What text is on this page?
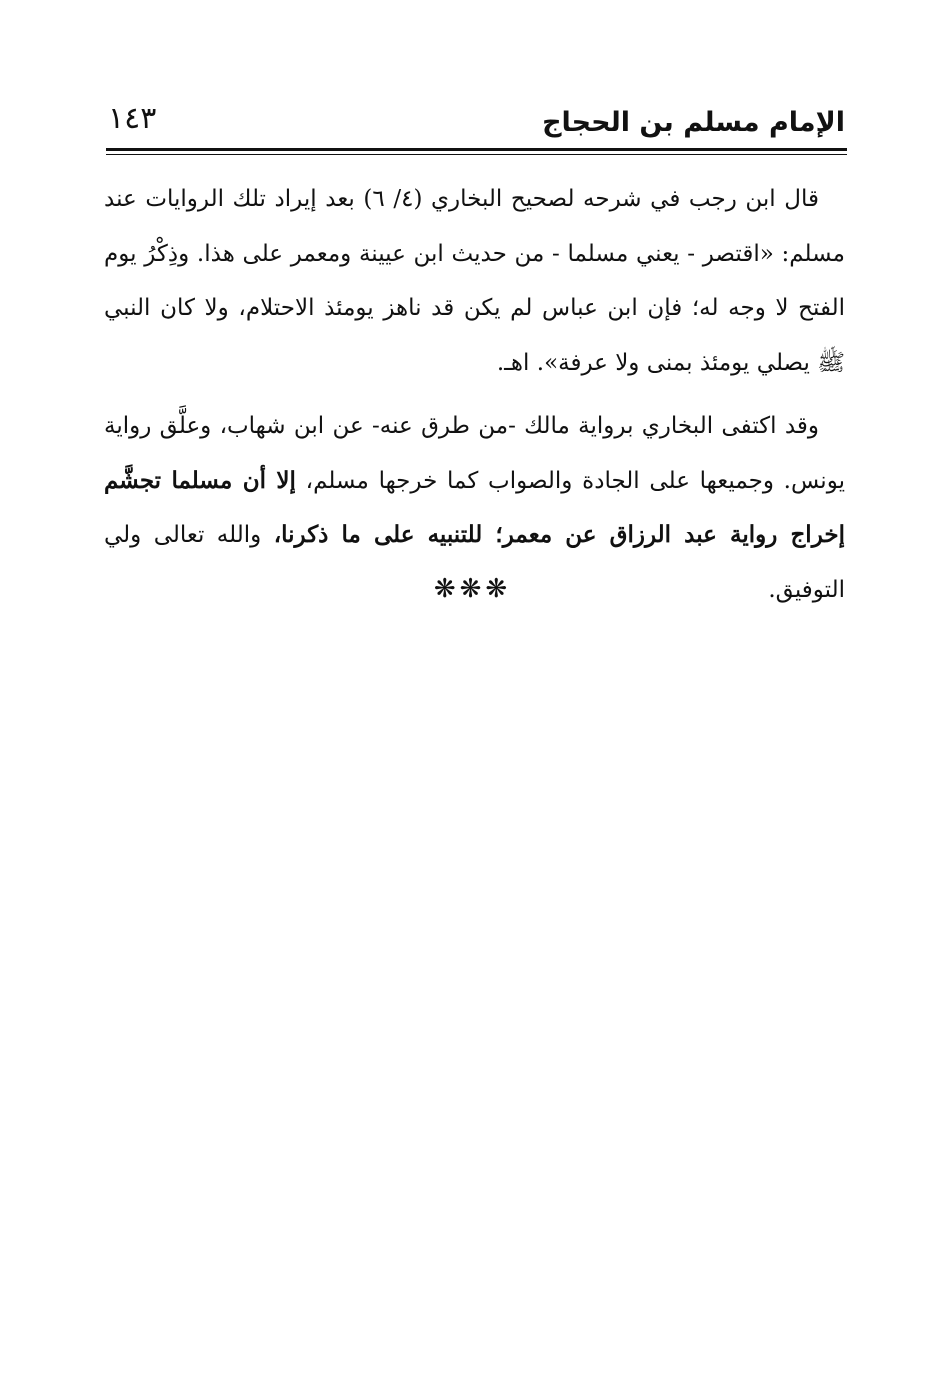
الإمام مسلم بن الحجاج
١٤٣

قال ابن رجب في شرحه لصحيح البخاري (٤/ ٦) بعد إيراد تلك الروايات عند مسلم: «اقتصر - يعني مسلما - من حديث ابن عيينة ومعمر على هذا. وذِكْرُ يوم الفتح لا وجه له؛ فإن ابن عباس لم يكن قد ناهز يومئذ الاحتلام، ولا كان النبي ﷺ يصلي يومئذ بمنى ولا عرفة». اهـ.

وقد اكتفى البخاري برواية مالك -من طرق عنه- عن ابن شهاب، وعلَّق رواية يونس. وجميعها على الجادة والصواب كما خرجها مسلم، إلا أن مسلما تجشَّم إخراج رواية عبد الرزاق عن معمر؛ للتنبيه على ما ذكرنا، والله تعالى ولي التوفيق.

❋❋❋
